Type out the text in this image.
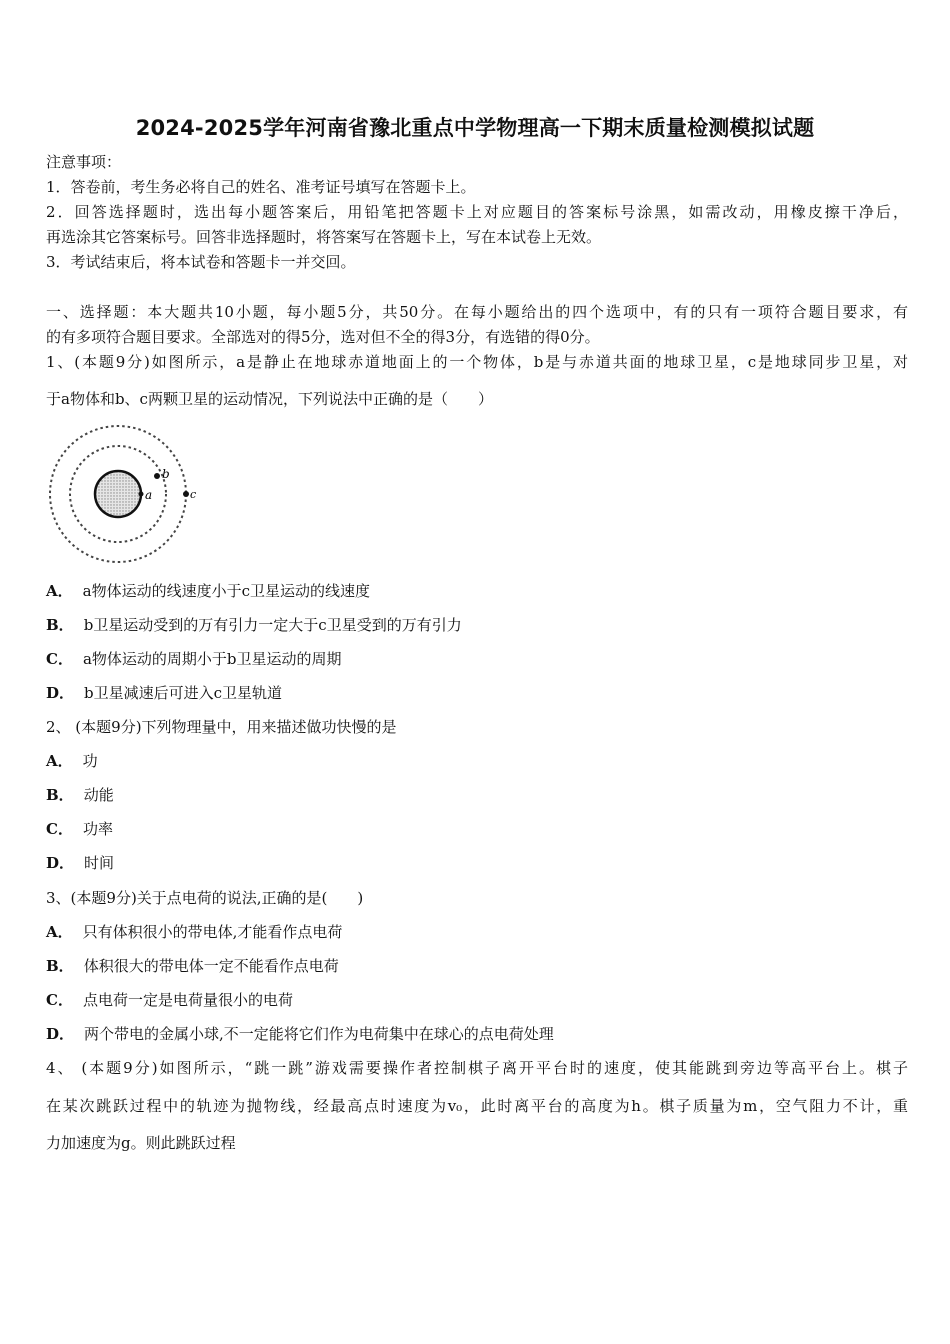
2024-2025学年河南省豫北重点中学物理高一下期末质量检测模拟试题
注意事项：
1．答卷前，考生务必将自己的姓名、准考证号填写在答题卡上。
2．回答选择题时，选出每小题答案后，用铅笔把答题卡上对应题目的答案标号涂黑，如需改动，用橡皮擦干净后，
再选涂其它答案标号。回答非选择题时，将答案写在答题卡上，写在本试卷上无效。
3．考试结束后，将本试卷和答题卡一并交回。
一、选择题：本大题共10小题，每小题5分，共50分。在每小题给出的四个选项中，有的只有一项符合题目要求，有
的有多项符合题目要求。全部选对的得5分，选对但不全的得3分，有选错的得0分。
1、(本题9分)如图所示，a是静止在地球赤道地面上的一个物体，b是与赤道共面的地球卫星，c是地球同步卫星，对
于a物体和b、c两颗卫星的运动情况，下列说法中正确的是（　　）
a
b
c
A． a物体运动的线速度小于c卫星运动的线速度
B． b卫星运动受到的万有引力一定大于c卫星受到的万有引力
C． a物体运动的周期小于b卫星运动的周期
D． b卫星减速后可进入c卫星轨道
2、 (本题9分)下列物理量中，用来描述做功快慢的是
A． 功
B． 动能
C． 功率
D． 时间
3、(本题9分)关于点电荷的说法,正确的是(　　)
A． 只有体积很小的带电体,才能看作点电荷
B． 体积很大的带电体一定不能看作点电荷
C． 点电荷一定是电荷量很小的电荷
D． 两个带电的金属小球,不一定能将它们作为电荷集中在球心的点电荷处理
4、 (本题9分)如图所示，“跳一跳”游戏需要操作者控制棋子离开平台时的速度，使其能跳到旁边等高平台上。棋子
在某次跳跃过程中的轨迹为抛物线，经最高点时速度为v₀，此时离平台的高度为h。棋子质量为m，空气阻力不计，重
力加速度为g。则此跳跃过程
